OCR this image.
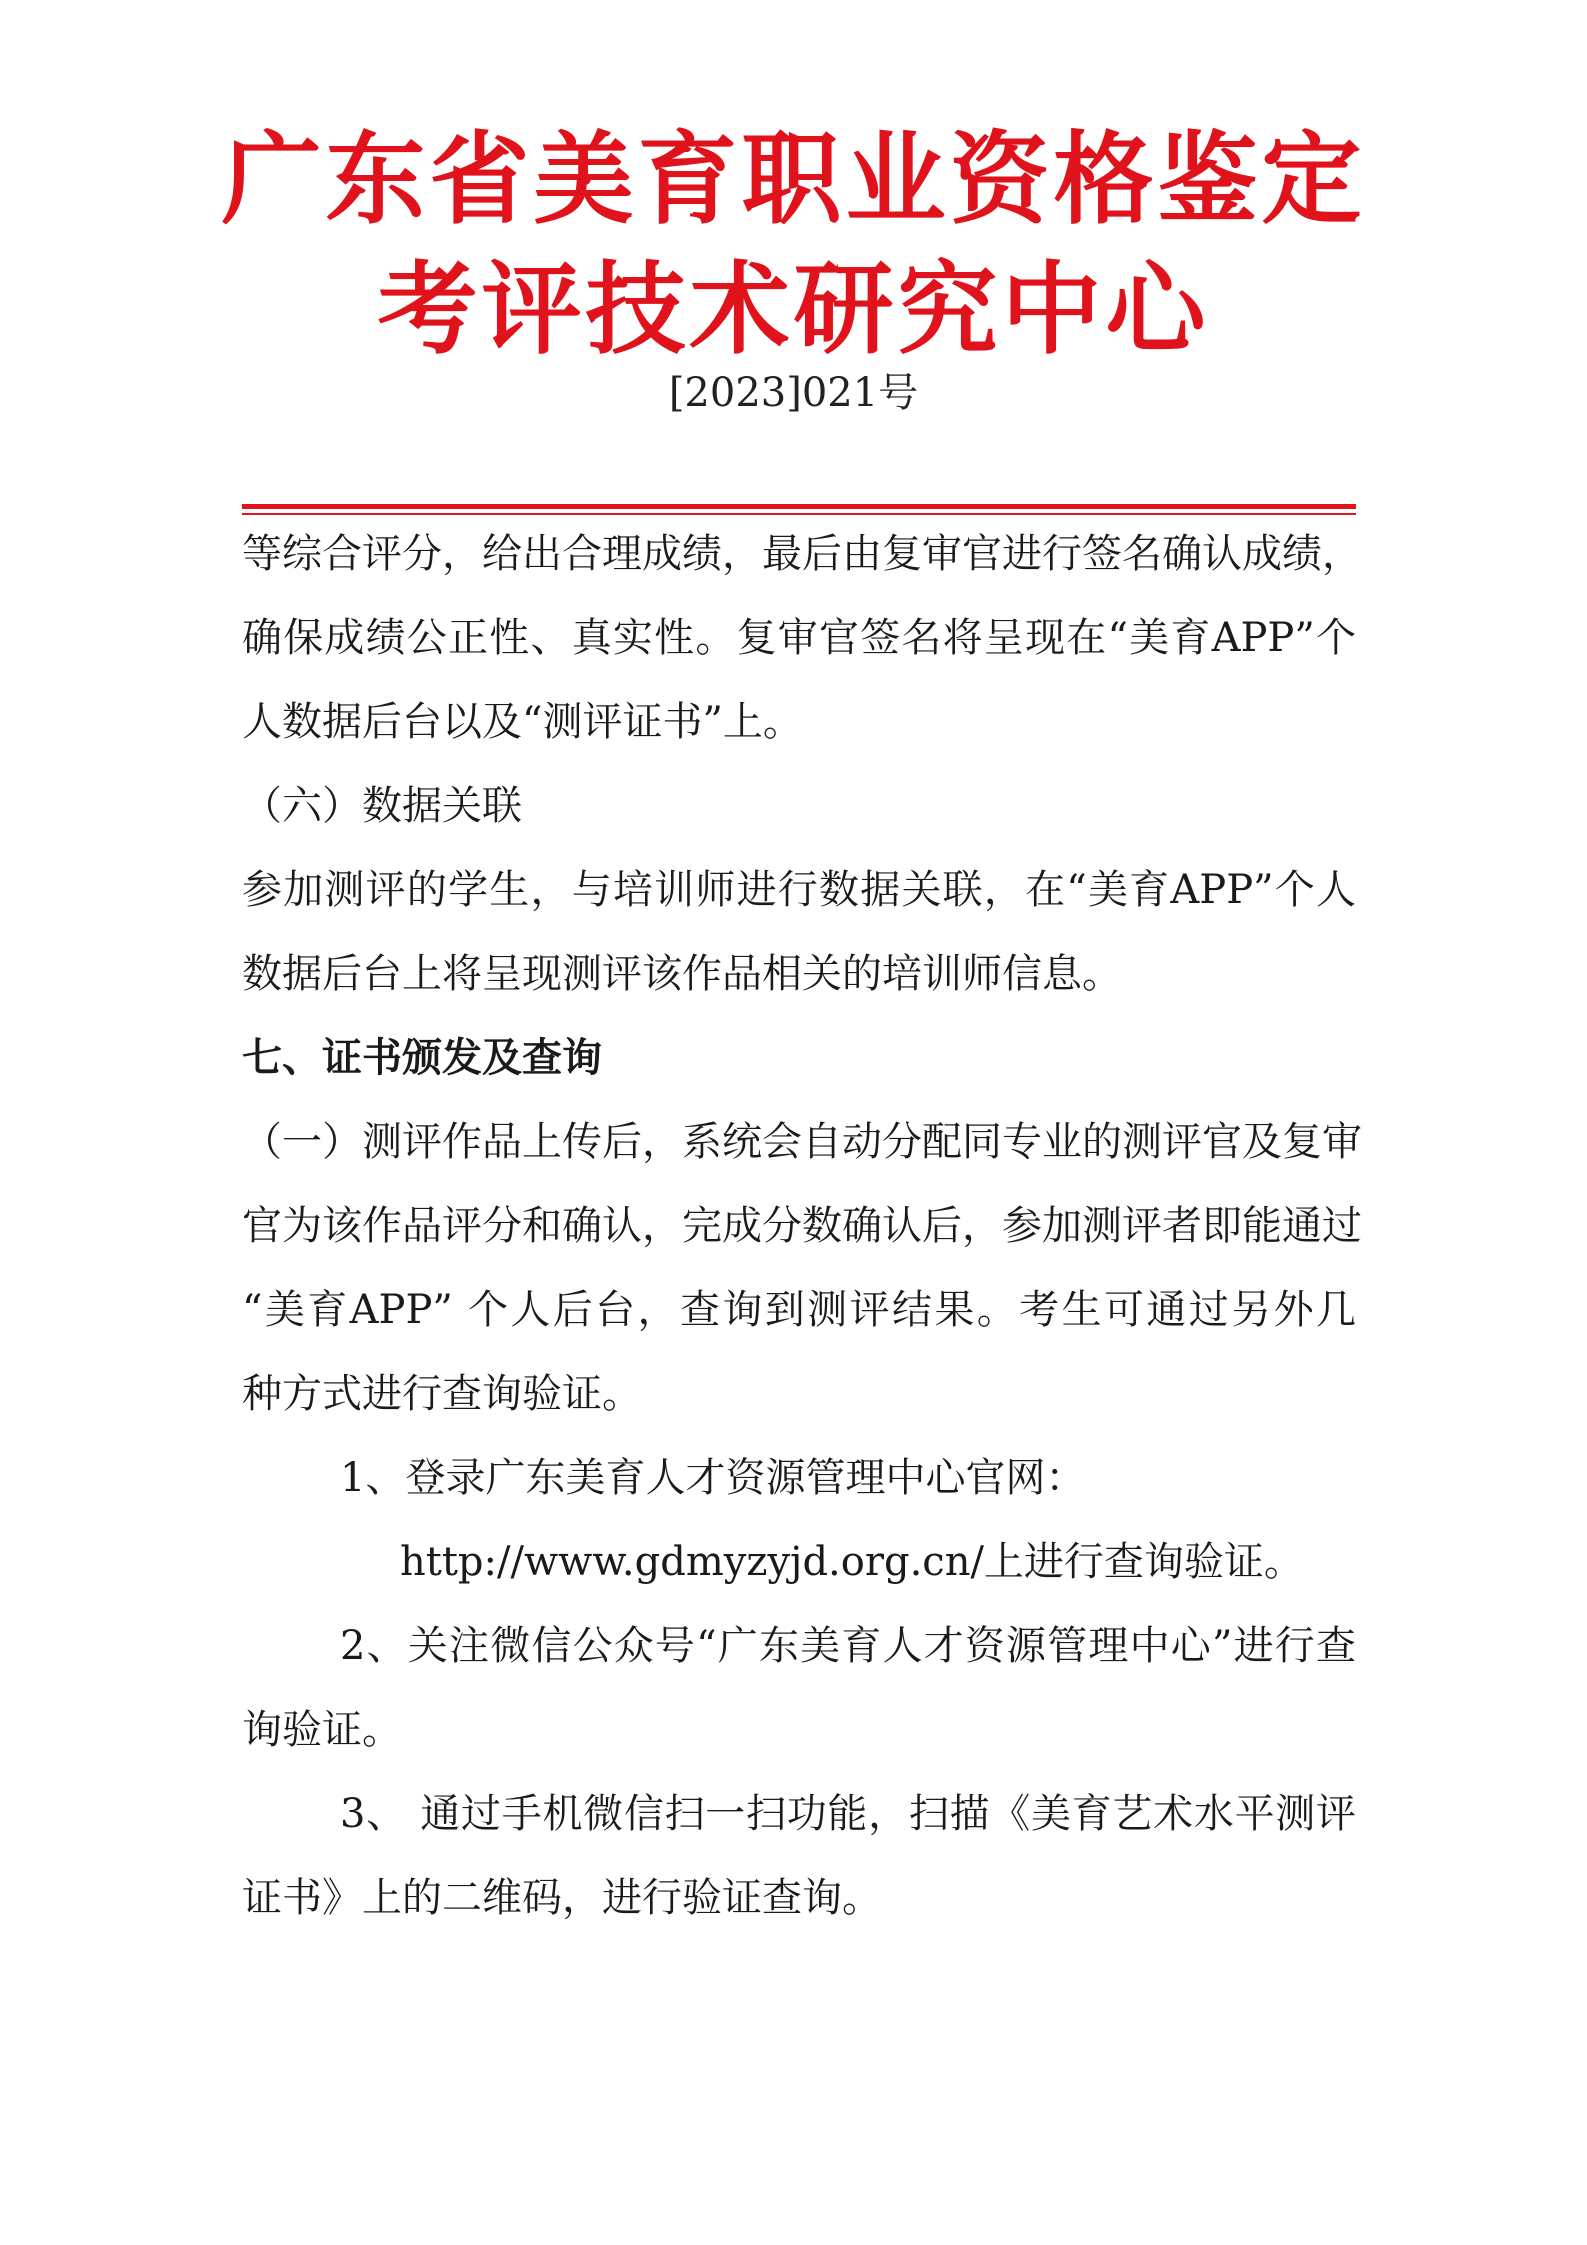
广东省美育职业资格鉴定
考评技术研究中心
[2023]021号
等综合评分，给出合理成绩，最后由复审官进行签名确认成绩，
确保成绩公正性、真实性。复审官签名将呈现在“美育APP”个
人数据后台以及“测评证书”上。
（六）数据关联
参加测评的学生，与培训师进行数据关联，在“美育APP”个人
数据后台上将呈现测评该作品相关的培训师信息。
七、证书颁发及查询
（一）测评作品上传后，系统会自动分配同专业的测评官及复审
官为该作品评分和确认，完成分数确认后，参加测评者即能通过
“美育APP” 个人后台，查询到测评结果。考生可通过另外几
种方式进行查询验证。
1、登录广东美育人才资源管理中心官网：
http://www.gdmyzyjd.org.cn/上进行查询验证。
2、关注微信公众号“广东美育人才资源管理中心”进行查
询验证。
3、 通过手机微信扫一扫功能，扫描《美育艺术水平测评
证书》上的二维码，进行验证查询。
